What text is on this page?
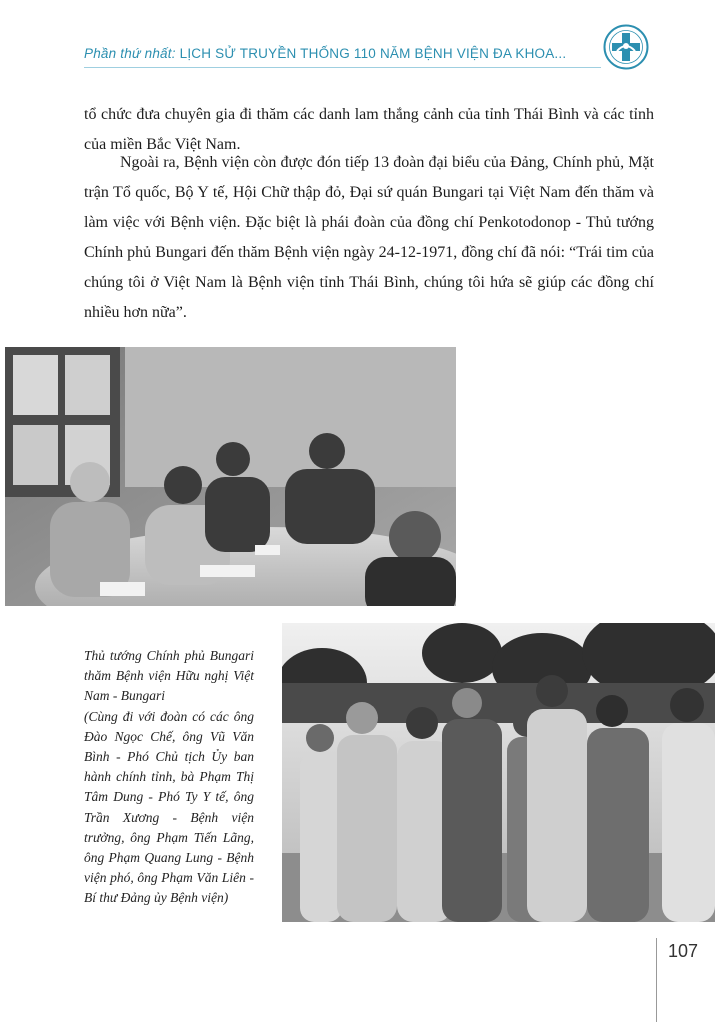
Phần thứ nhất: LỊCH SỬ TRUYỀN THỐNG 110 NĂM BỆNH VIỆN ĐA KHOA...

tổ chức đưa chuyên gia đi thăm các danh lam thắng cảnh của tỉnh Thái Bình và các tỉnh của miền Bắc Việt Nam.

Ngoài ra, Bệnh viện còn được đón tiếp 13 đoàn đại biểu của Đảng, Chính phủ, Mặt trận Tổ quốc, Bộ Y tế, Hội Chữ thập đỏ, Đại sứ quán Bungari tại Việt Nam đến thăm và làm việc với Bệnh viện. Đặc biệt là phái đoàn của đồng chí Penkotodonop - Thủ tướng Chính phủ Bungari đến thăm Bệnh viện ngày 24-12-1971, đồng chí đã nói: “Trái tim của chúng tôi ở Việt Nam là Bệnh viện tỉnh Thái Bình, chúng tôi hứa sẽ giúp các đồng chí nhiều hơn nữa”.

Thủ tướng Chính phủ Bungari thăm Bệnh viện Hữu nghị Việt Nam - Bungari
(Cùng đi với đoàn có các ông Đào Ngọc Chế, ông Vũ Văn Bình - Phó Chủ tịch Ủy ban hành chính tỉnh, bà Phạm Thị Tâm Dung - Phó Ty Y tế, ông Trần Xương - Bệnh viện trưởng, ông Phạm Tiến Lãng, ông Phạm Quang Lung - Bệnh viện phó, ông Phạm Văn Liên - Bí thư Đảng ủy Bệnh viện)

107
